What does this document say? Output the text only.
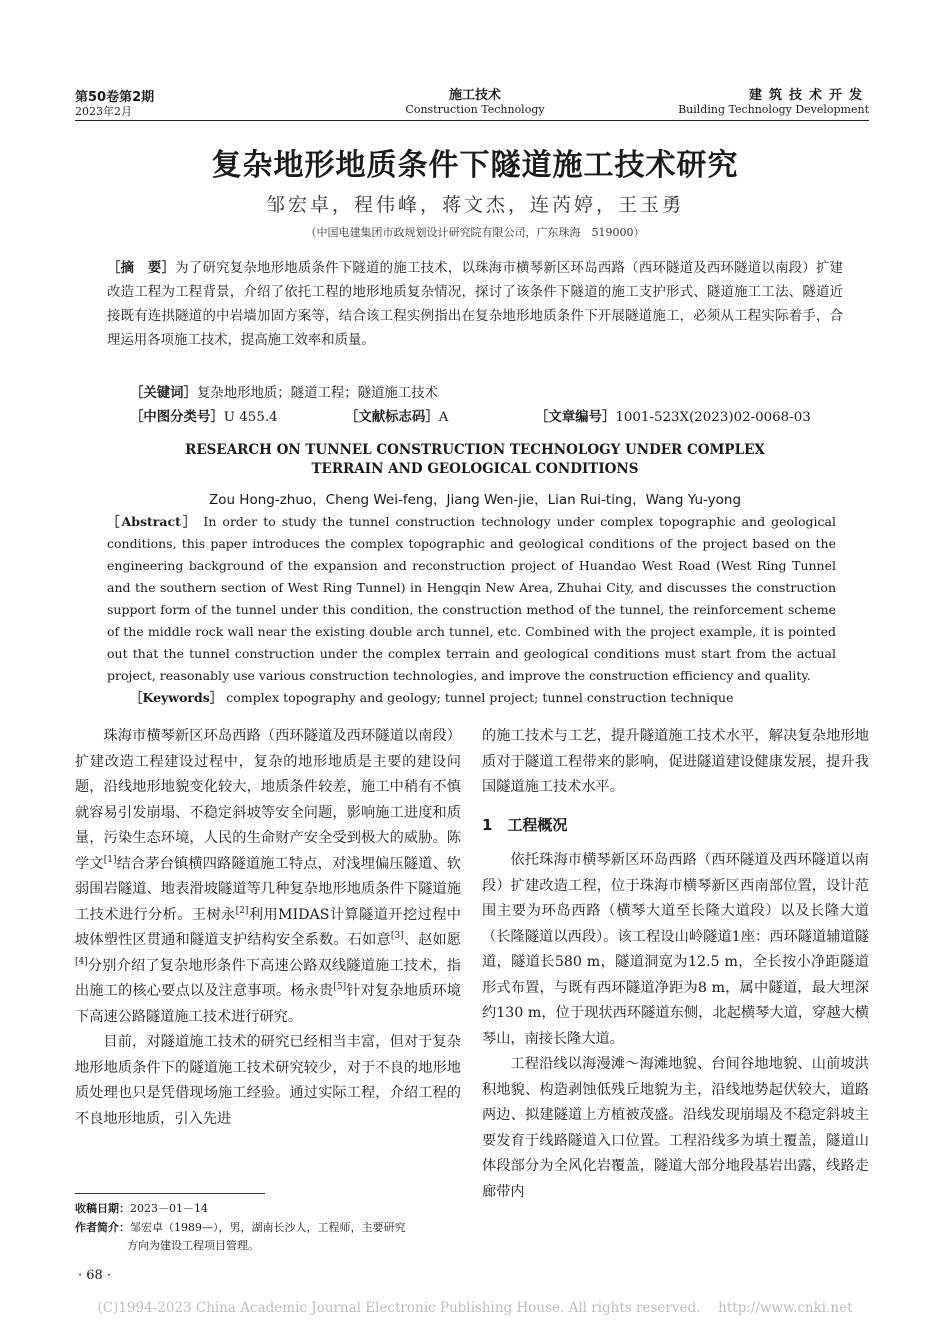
第50卷第2期
2023年2月
施工技术
Construction Technology
建筑技术开发
Building Technology Development
复杂地形地质条件下隧道施工技术研究
邹宏卓，程伟峰，蒋文杰，连芮婷，王玉勇
（中国电建集团市政规划设计研究院有限公司，广东珠海　519000）
［摘　要］为了研究复杂地形地质条件下隧道的施工技术，以珠海市横琴新区环岛西路（西环隧道及西环隧道以南段）扩建改造工程为工程背景，介绍了依托工程的地形地质复杂情况，探讨了该条件下隧道的施工支护形式、隧道施工工法、隧道近接既有连拱隧道的中岩墙加固方案等，结合该工程实例指出在复杂地形地质条件下开展隧道施工，必须从工程实际着手，合理运用各项施工技术，提高施工效率和质量。
［关键词］复杂地形地质；隧道工程；隧道施工技术
［中图分类号］U 455.4	［文献标志码］A	［文章编号］1001-523X(2023)02-0068-03
RESEARCH ON TUNNEL CONSTRUCTION TECHNOLOGY UNDER COMPLEX
TERRAIN AND GEOLOGICAL CONDITIONS
Zou Hong-zhuo，Cheng Wei-feng，Jiang Wen-jie，Lian Rui-ting，Wang Yu-yong
［Abstract］ In order to study the tunnel construction technology under complex topographic and geological conditions, this paper introduces the complex topographic and geological conditions of the project based on the engineering background of the expansion and reconstruction project of Huandao West Road (West Ring Tunnel and the southern section of West Ring Tunnel) in Hengqin New Area, Zhuhai City, and discusses the construction support form of the tunnel under this condition, the construction method of the tunnel, the reinforcement scheme of the middle rock wall near the existing double arch tunnel, etc. Combined with the project example, it is pointed out that the tunnel construction under the complex terrain and geological conditions must start from the actual project, reasonably use various construction technologies, and improve the construction efficiency and quality.
［Keywords］ complex topography and geology; tunnel project; tunnel construction technique

珠海市横琴新区环岛西路（西环隧道及西环隧道以南段）扩建改造工程建设过程中，复杂的地形地质是主要的建设问题，沿线地形地貌变化较大，地质条件较差，施工中稍有不慎就容易引发崩塌、不稳定斜坡等安全问题，影响施工进度和质量，污染生态环境，人民的生命财产安全受到极大的威胁。陈学文[1]结合茅台镇横四路隧道施工特点，对浅埋偏压隧道、软弱围岩隧道、地表滑坡隧道等几种复杂地形地质条件下隧道施工技术进行分析。王树永[2]利用MIDAS计算隧道开挖过程中坡体塑性区贯通和隧道支护结构安全系数。石如意[3]、赵如愿[4]分别介绍了复杂地形条件下高速公路双线隧道施工技术，指出施工的核心要点以及注意事项。杨永贵[5]针对复杂地质环境下高速公路隧道施工技术进行研究。

目前，对隧道施工技术的研究已经相当丰富，但对于复杂地形地质条件下的隧道施工技术研究较少，对于不良的地形地质处理也只是凭借现场施工经验。通过实际工程，介绍工程的不良地形地质，引入先进

的施工技术与工艺，提升隧道施工技术水平，解决复杂地形地质对于隧道工程带来的影响，促进隧道建设健康发展，提升我国隧道施工技术水平。

1　工程概况

依托珠海市横琴新区环岛西路（西环隧道及西环隧道以南段）扩建改造工程，位于珠海市横琴新区西南部位置，设计范围主要为环岛西路（横琴大道至长隆大道段）以及长隆大道（长隆隧道以西段）。该工程设山岭隧道1座：西环隧道辅道隧道，隧道长580 m，隧道洞宽为12.5 m，全长按小净距隧道形式布置，与既有西环隧道净距为8 m，属中隧道，最大埋深约130 m，位于现状西环隧道东侧，北起横琴大道，穿越大横琴山，南接长隆大道。

工程沿线以海漫滩～海滩地貌、台间谷地地貌、山前坡洪积地貌、构造剥蚀低残丘地貌为主，沿线地势起伏较大，道路两边、拟建隧道上方植被茂盛。沿线发现崩塌及不稳定斜坡主要发育于线路隧道入口位置。工程沿线多为填土覆盖，隧道山体段部分为全风化岩覆盖，隧道大部分地段基岩出露，线路走廊带内

收稿日期：2023－01－14
作者简介：邹宏卓（1989—），男，湖南长沙人，工程师，主要研究
方向为建设工程项目管理。
· 68 ·
(C)1994-2023 China Academic Journal Electronic Publishing House. All rights reserved.　 http://www.cnki.net
